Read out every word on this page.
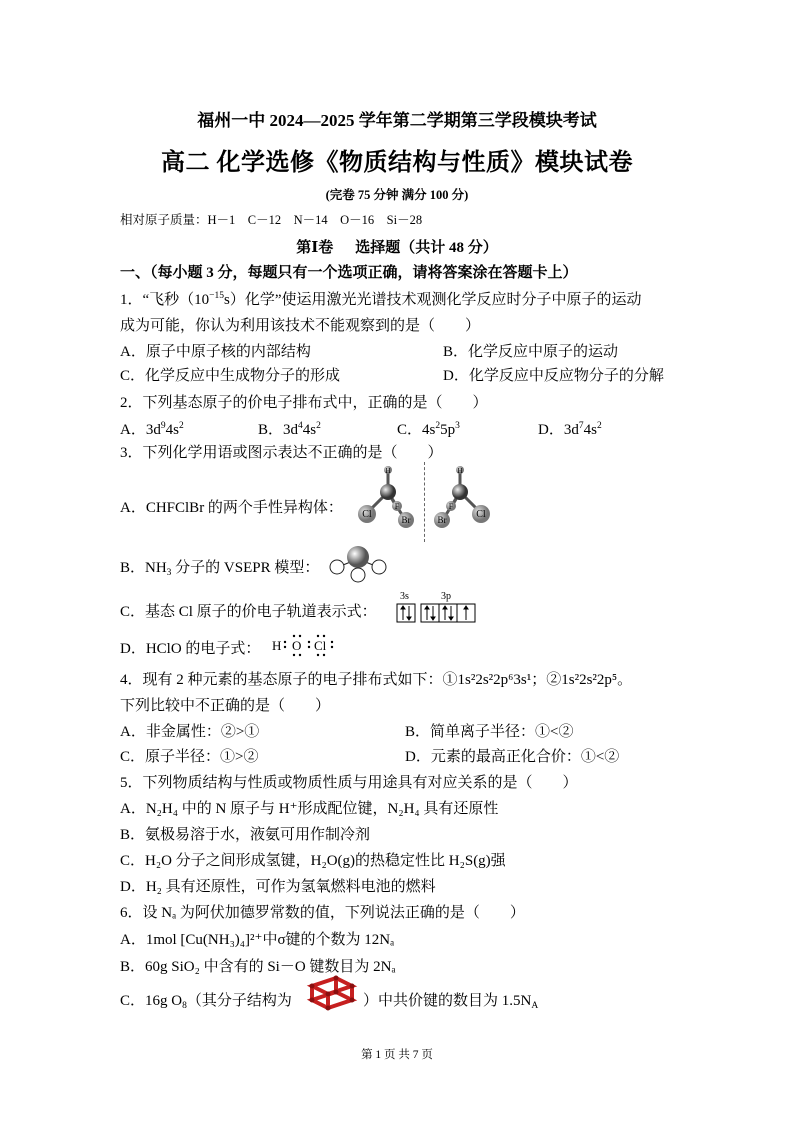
福州一中 2024—2025 学年第二学期第三学段模块考试
高二 化学选修《物质结构与性质》模块试卷
(完卷 75 分钟 满分 100 分)
相对原子质量：H－1　C－12　N－14　O－16　Si－28
第Ⅰ卷 选择题（共计 48 分）
一、（每小题 3 分，每题只有一个选项正确，请将答案涂在答题卡上）
1．“飞秒$(10^{-15}s)$化学”使运用激光光谱技术观测化学反应时分子中原子的运动
成为可能，你认为利用该技术不能观察到的是（　　）
A．原子中原子核的内部结构	B．化学反应中原子的运动
C．化学反应中生成物分子的形成	D．化学反应中反应物分子的分解
2．下列基态原子的价电子排布式中，正确的是（　　）
A．$3d^94s^2$	B．$3d^44s^2$	C．$4s^25p^3$	D．$3d^74s^2$
3．下列化学用语或图示表达不正确的是（　　）
A．CHFClBr 的两个手性异构体：
H
Cl	Br
F
H
Cl
Br
F
B．$NH_3$ 分子的 VSEPR 模型：
C．基态 Cl 原子的价电子轨道表示式：
3s	3p
D．HClO 的电子式： H O Cl
4．现有 2 种元素的基态原子的电子排布式如下：①1s²2s²2p⁶3s¹；②1s²2s²2p⁵。
下列比较中不正确的是（　　）
A．非金属性：②>①	B．简单离子半径：①<②
C．原子半径：①>②	D．元素的最高正化合价：①<②
5．下列物质结构与性质或物质性质与用途具有对应关系的是（　　）
A．N₂H₄ 中的 N 原子与 H⁺形成配位键，N₂H₄ 具有还原性
B．氨极易溶于水，液氨可用作制冷剂
C．H₂O 分子之间形成氢键，H₂O(g)的热稳定性比 H₂S(g)强
D．H₂ 具有还原性，可作为氢氧燃料电池的燃料
6．设 Nₐ 为阿伏加德罗常数的值，下列说法正确的是（　　）
A．1mol [Cu(NH₃)₄]²⁺中σ键的个数为 12Nₐ
B．60g SiO₂ 中含有的 Si－O 键数目为 2Nₐ
C．16g $O_8$（其分子结构为	）中共价键的数目为 $1.5N_A$
第 1 页 共 7 页
